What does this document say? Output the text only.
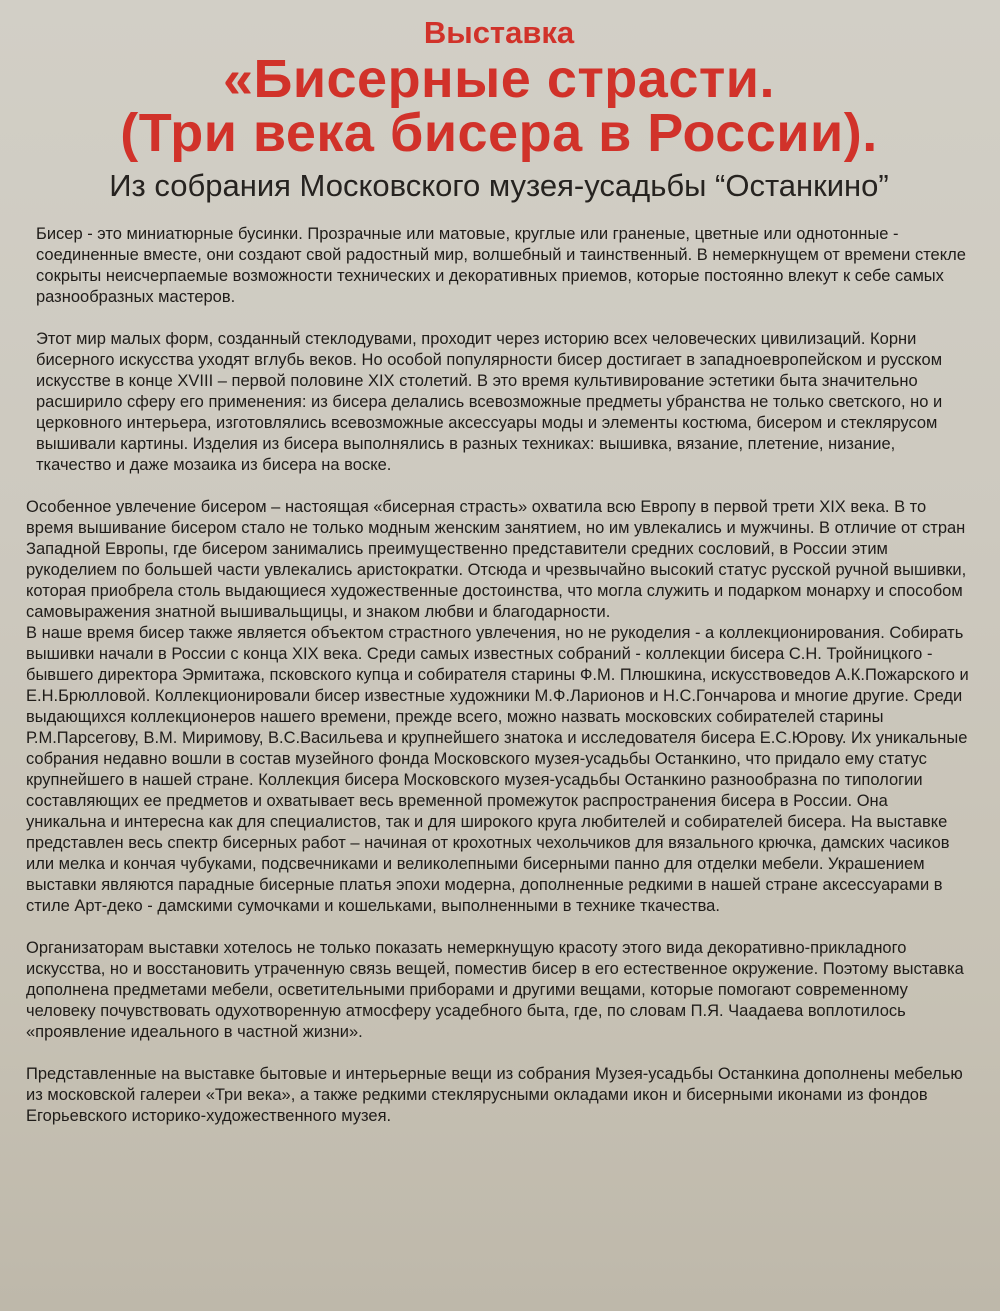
Выставка
«Бисерные страсти.
(Три века бисера в России).
Из собрания Московского музея-усадьбы “Останкино”

Бисер - это миниатюрные бусинки. Прозрачные или матовые, круглые или граненые, цветные или однотонные - соединенные вместе, они создают свой радостный мир, волшебный и таинственный. В немеркнущем от времени стекле сокрыты неисчерпаемые возможности технических и декоративных приемов, которые постоянно влекут к себе самых разнообразных мастеров.

Этот мир малых форм, созданный стеклодувами, проходит через историю всех человеческих цивилизаций. Корни бисерного искусства уходят вглубь веков. Но особой популярности бисер достигает в западноевропейском и русском искусстве в конце XVIII – первой половине XIX столетий. В это время культивирование эстетики быта значительно расширило сферу его применения: из бисера делались всевозможные предметы убранства не только светского, но и церковного интерьера, изготовлялись всевозможные аксессуары моды и элементы костюма, бисером и стеклярусом вышивали картины. Изделия из бисера выполнялись в разных техниках: вышивка, вязание, плетение, низание, ткачество и даже мозаика из бисера на воске.

Особенное увлечение бисером – настоящая «бисерная страсть» охватила всю Европу в первой трети XIX века. В то время вышивание бисером стало не только модным женским занятием, но им увлекались и мужчины. В отличие от стран Западной Европы, где бисером занимались преимущественно представители средних сословий, в России этим рукоделием по большей части увлекались аристократки. Отсюда и чрезвычайно высокий статус русской ручной вышивки, которая приобрела столь выдающиеся художественные достоинства, что могла служить и подарком монарху и способом самовыражения знатной вышивальщицы, и знаком любви и благодарности.

В наше время бисер также является объектом страстного увлечения, но не рукоделия - а коллекционирования. Собирать вышивки начали в России с конца XIX века. Среди самых известных собраний - коллекции бисера С.Н. Тройницкого - бывшего директора Эрмитажа, псковского купца и собирателя старины Ф.М. Плюшкина, искусствоведов А.К.Пожарского и Е.Н.Брюлловой. Коллекционировали бисер известные художники М.Ф.Ларионов и Н.С.Гончарова и многие другие. Среди выдающихся коллекционеров нашего времени, прежде всего, можно назвать московских собирателей старины Р.М.Парсегову, В.М. Миримову, В.С.Васильева и крупнейшего знатока и исследователя бисера Е.С.Юрову. Их уникальные собрания недавно вошли в состав музейного фонда Московского музея-усадьбы Останкино, что придало ему статус крупнейшего в нашей стране. Коллекция бисера Московского музея-усадьбы Останкино разнообразна по типологии составляющих ее предметов и охватывает весь временной промежуток распространения бисера в России. Она уникальна и интересна как для специалистов, так и для широкого круга любителей и собирателей бисера. На выставке представлен весь спектр бисерных работ – начиная от крохотных чехольчиков для вязального крючка, дамских часиков или мелка и кончая чубуками, подсвечниками и великолепными бисерными панно для отделки мебели. Украшением выставки являются парадные бисерные платья эпохи модерна, дополненные редкими в нашей стране аксессуарами в стиле Арт-деко - дамскими сумочками и кошельками, выполненными в технике ткачества.

Организаторам выставки хотелось не только показать немеркнущую красоту этого вида декоративно-прикладного искусства, но и восстановить утраченную связь вещей, поместив бисер в его естественное окружение. Поэтому выставка дополнена предметами мебели, осветительными приборами и другими вещами, которые помогают современному человеку почувствовать одухотворенную атмосферу усадебного быта, где, по словам П.Я. Чаадаева воплотилось «проявление идеального в частной жизни».

Представленные на выставке бытовые и интерьерные вещи из собрания Музея-усадьбы Останкина дополнены мебелью из московской галереи «Три века», а также редкими стеклярусными окладами икон и бисерными иконами из фондов Егорьевского историко-художественного музея.
